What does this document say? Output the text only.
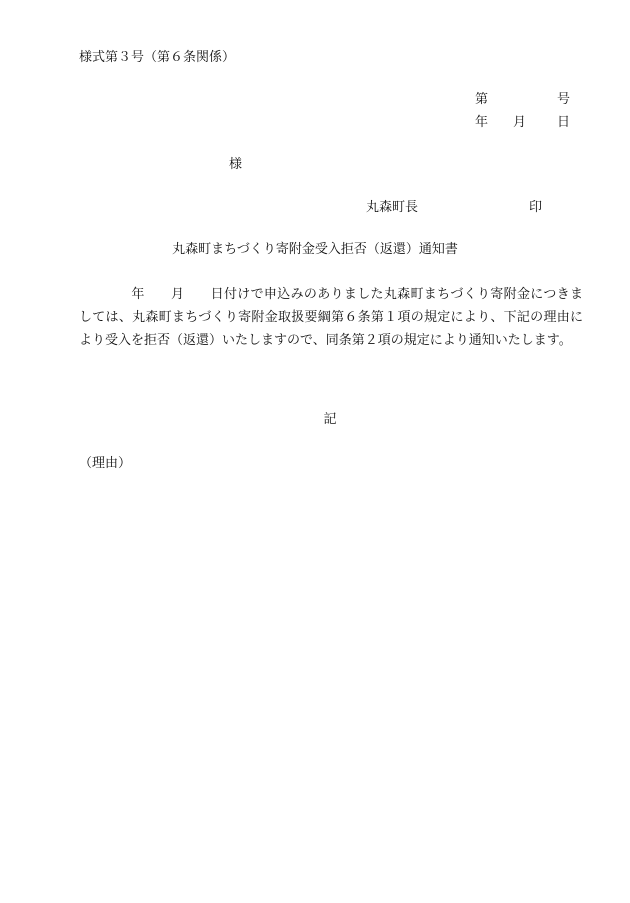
様式第３号（第６条関係）
第	号
年 月 日
様
丸森町長	印
丸森町まちづくり寄附金受入拒否（返還）通知書
年 月 日付けで申込みのありました丸森町まちづくり寄附金につきましては、丸森町まちづくり寄附金取扱要綱第６条第１項の規定により、下記の理由により受入を拒否（返還）いたしますので、同条第２項の規定により通知いたします。
記
（理由）
